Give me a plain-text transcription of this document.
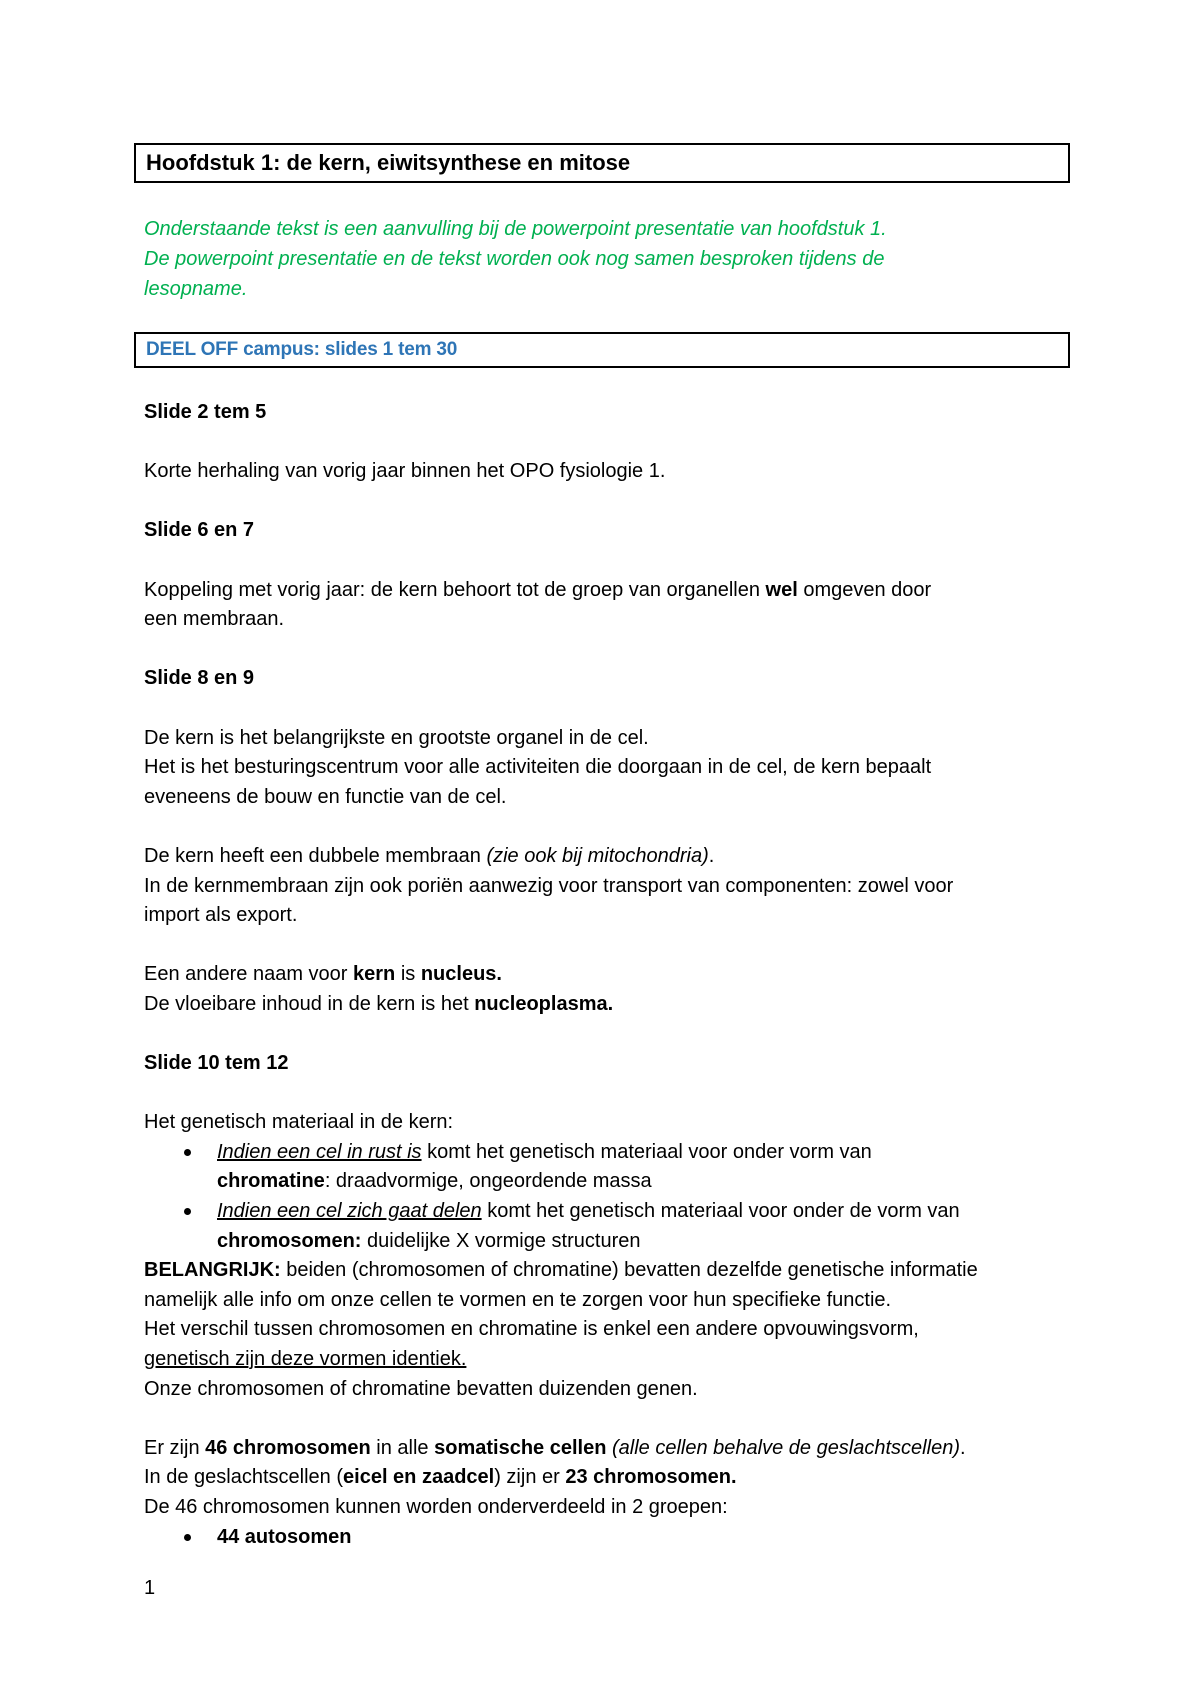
Hoofdstuk 1: de kern, eiwitsynthese en mitose
Onderstaande tekst is een aanvulling bij de powerpoint presentatie van hoofdstuk 1.
De powerpoint presentatie en de tekst worden ook nog samen besproken tijdens de
lesopname.
DEEL OFF campus: slides 1 tem 30
Slide 2 tem 5
Korte herhaling van vorig jaar binnen het OPO fysiologie 1.
Slide 6 en 7
Koppeling met vorig jaar: de kern behoort tot de groep van organellen wel omgeven door
een membraan.
Slide 8 en 9
De kern is het belangrijkste en grootste organel in de cel.
Het is het besturingscentrum voor alle activiteiten die doorgaan in de cel, de kern bepaalt
eveneens de bouw en functie van de cel.
De kern heeft een dubbele membraan (zie ook bij mitochondria).
In de kernmembraan zijn ook poriën aanwezig voor transport van componenten: zowel voor
import als export.
Een andere naam voor kern is nucleus.
De vloeibare inhoud in de kern is het nucleoplasma.
Slide 10 tem 12
Het genetisch materiaal in de kern:
Indien een cel in rust is komt het genetisch materiaal voor onder vorm van
chromatine: draadvormige, ongeordende massa
Indien een cel zich gaat delen komt het genetisch materiaal voor onder de vorm van
chromosomen: duidelijke X vormige structuren
BELANGRIJK: beiden (chromosomen of chromatine) bevatten dezelfde genetische informatie
namelijk alle info om onze cellen te vormen en te zorgen voor hun specifieke functie.
Het verschil tussen chromosomen en chromatine is enkel een andere opvouwingsvorm,
genetisch zijn deze vormen identiek.
Onze chromosomen of chromatine bevatten duizenden genen.
Er zijn 46 chromosomen in alle somatische cellen (alle cellen behalve de geslachtscellen).
In de geslachtscellen (eicel en zaadcel) zijn er 23 chromosomen.
De 46 chromosomen kunnen worden onderverdeeld in 2 groepen:
44 autosomen
1
